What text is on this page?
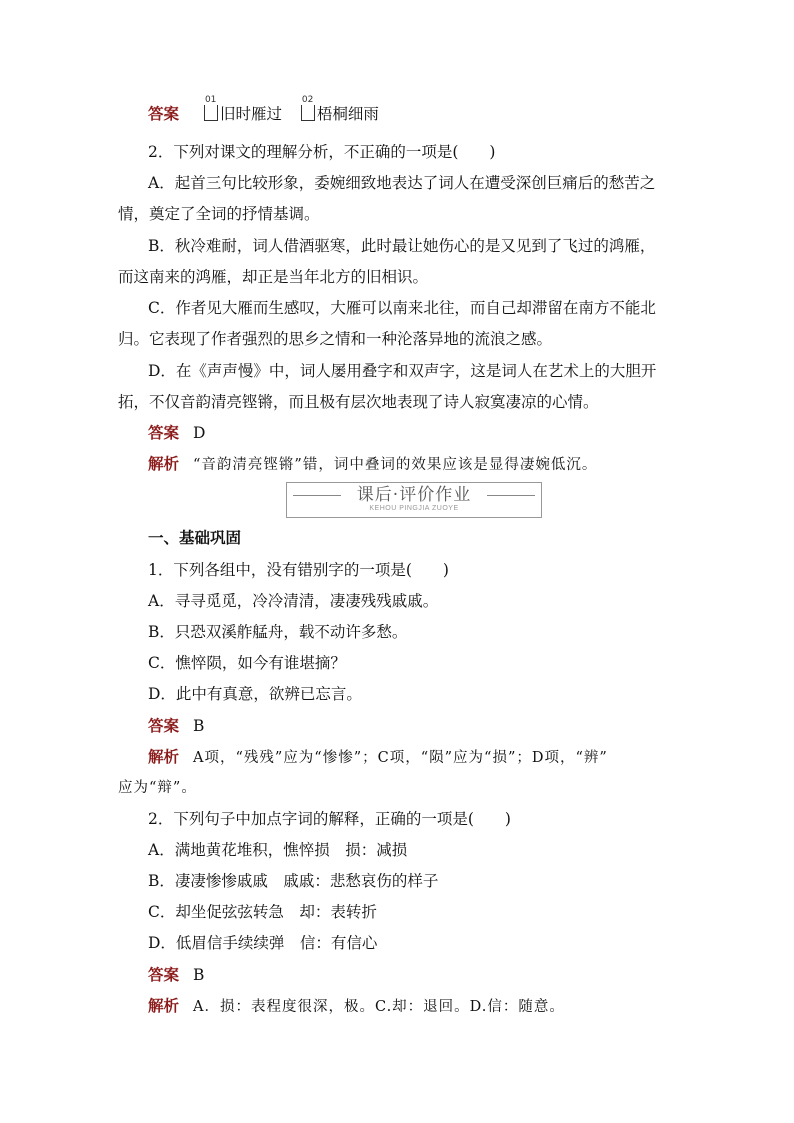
答案
01
旧时雁过
02
梧桐细雨
2．下列对课文的理解分析，不正确的一项是(　　)
A．起首三句比较形象，委婉细致地表达了词人在遭受深创巨痛后的愁苦之
情，奠定了全词的抒情基调。
B．秋冷难耐，词人借酒驱寒，此时最让她伤心的是又见到了飞过的鸿雁，
而这南来的鸿雁，却正是当年北方的旧相识。
C．作者见大雁而生感叹，大雁可以南来北往，而自己却滞留在南方不能北
归。它表现了作者强烈的思乡之情和一种沦落异地的流浪之感。
D．在《声声慢》中，词人屡用叠字和双声字，这是词人在艺术上的大胆开
拓，不仅音韵清亮铿锵，而且极有层次地表现了诗人寂寞凄凉的心情。
答案 D
解析 “音韵清亮铿锵”错，词中叠词的效果应该是显得凄婉低沉。
课后·评价作业
KEHOU PINGJIA ZUOYE
一、基础巩固
1．下列各组中，没有错别字的一项是(　　)
A．寻寻觅觅，冷冷清清，凄凄残残戚戚。
B．只恐双溪舴艋舟，载不动许多愁。
C．憔悴陨，如今有谁堪摘？
D．此中有真意，欲辨已忘言。
答案 B
解析 A项，“残残”应为“惨惨”；C项，“陨”应为“损”；D项，“辨”
应为“辩”。
2．下列句子中加点字词的解释，正确的一项是(　　)
A．满地黄花堆积，憔悴损　损：减损
B．凄凄惨惨戚戚　戚戚：悲愁哀伤的样子
C．却坐促弦弦转急　却：表转折
D．低眉信手续续弹　信：有信心
答案 B
解析 A．损：表程度很深，极。C.却：退回。D.信：随意。
